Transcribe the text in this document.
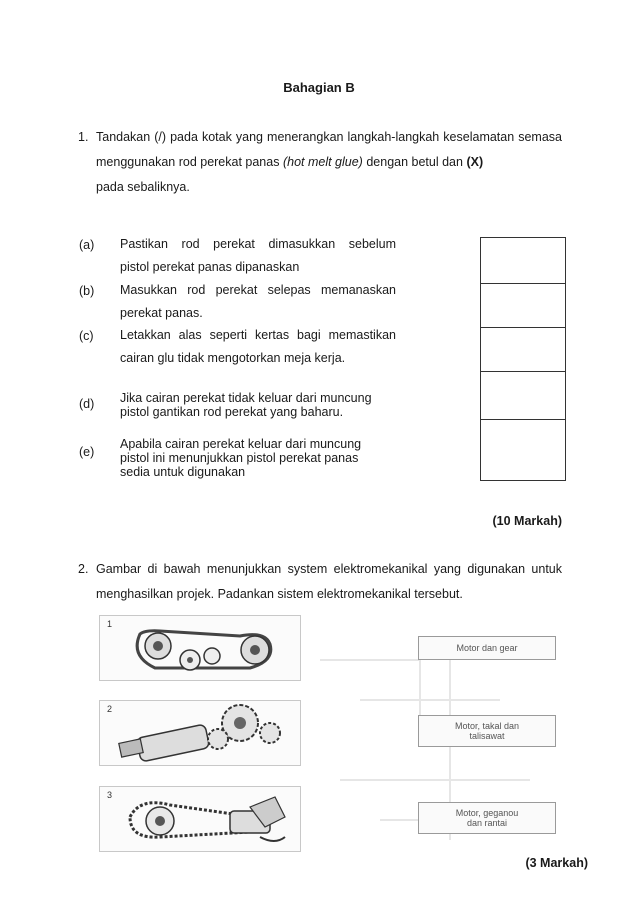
Bahagian B
1. Tandakan (/) pada kotak yang menerangkan langkah-langkah keselamatan semasa menggunakan rod perekat panas (hot melt glue) dengan betul dan (X)
pada sebaliknya.
(a) Pastikan rod perekat dimasukkan sebelum
pistol perekat panas dipanaskan
(b) Masukkan rod perekat selepas memanaskan
perekat panas.
(c) Letakkan alas seperti kertas bagi memastikan
cairan glu tidak mengotorkan meja kerja.
(d) Jika cairan perekat tidak keluar dari muncung
pistol gantikan rod perekat yang baharu.
(e)
Apabila cairan perekat keluar dari muncung
pistol ini menunjukkan pistol perekat panas
sedia untuk digunakan
(10 Markah)
2. Gambar di bawah menunjukkan system elektromekanikal yang digunakan untuk menghasilkan projek. Padankan sistem elektromekanikal tersebut.
1
2
3
Motor dan gear
Motor, takal dan
talisawat
Motor, geganou
dan rantai
(3 Markah)
